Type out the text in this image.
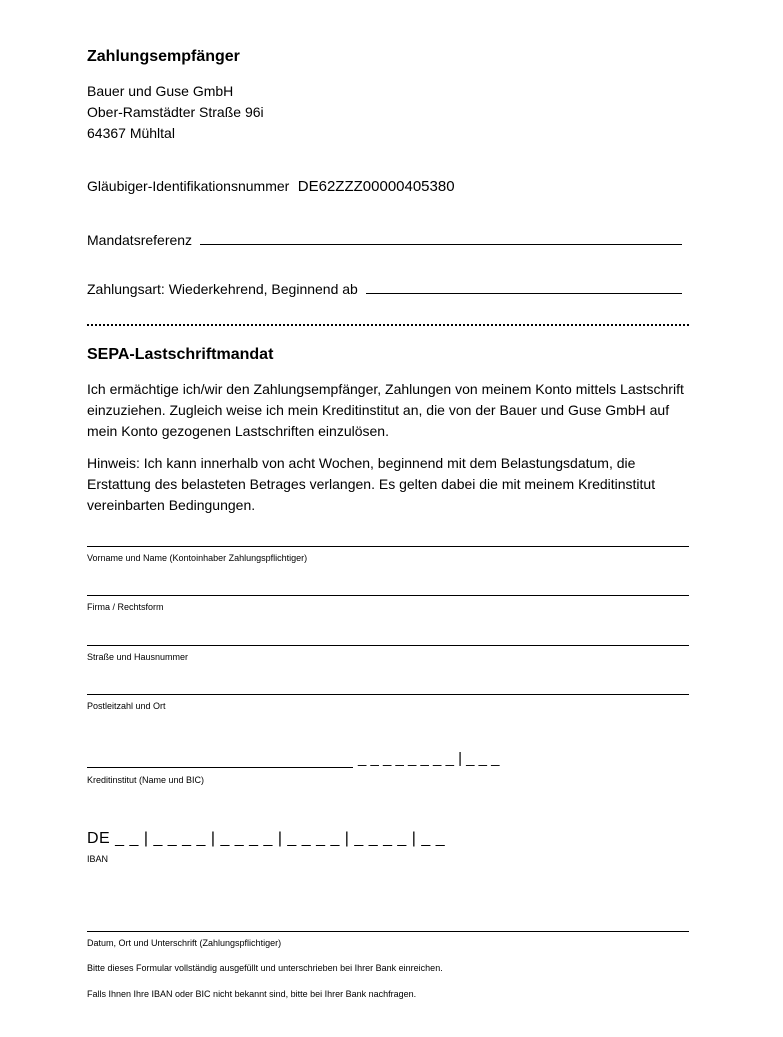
Zahlungsempfänger
Bauer und Guse GmbH
Ober-Ramstädter Straße 96i
64367 Mühltal
Gläubiger-Identifikationsnummer DE62ZZZ00000405380
Mandatsreferenz
Zahlungsart: Wiederkehrend, Beginnend ab
SEPA-Lastschriftmandat
Ich ermächtige ich/wir den Zahlungsempfänger, Zahlungen von meinem Konto mittels Lastschrift einzuziehen. Zugleich weise ich mein Kreditinstitut an, die von der Bauer und Guse GmbH auf mein Konto gezogenen Lastschriften einzulösen.
Hinweis: Ich kann innerhalb von acht Wochen, beginnend mit dem Belastungsdatum, die Erstattung des belasteten Betrages verlangen. Es gelten dabei die mit meinem Kreditinstitut vereinbarten Bedingungen.
Vorname und Name (Kontoinhaber Zahlungspflichtiger)
Firma / Rechtsform
Straße und Hausnummer
Postleitzahl und Ort
_ _ _ _ _ _ _ _ | _ _ _
Kreditinstitut (Name und BIC)
DE _ _ | _ _ _ _ | _ _ _ _ | _ _ _ _ | _ _ _ _ | _ _
IBAN
Datum, Ort und Unterschrift (Zahlungspflichtiger)
Bitte dieses Formular vollständig ausgefüllt und unterschrieben bei Ihrer Bank einreichen.
Falls Ihnen Ihre IBAN oder BIC nicht bekannt sind, bitte bei Ihrer Bank nachfragen.
